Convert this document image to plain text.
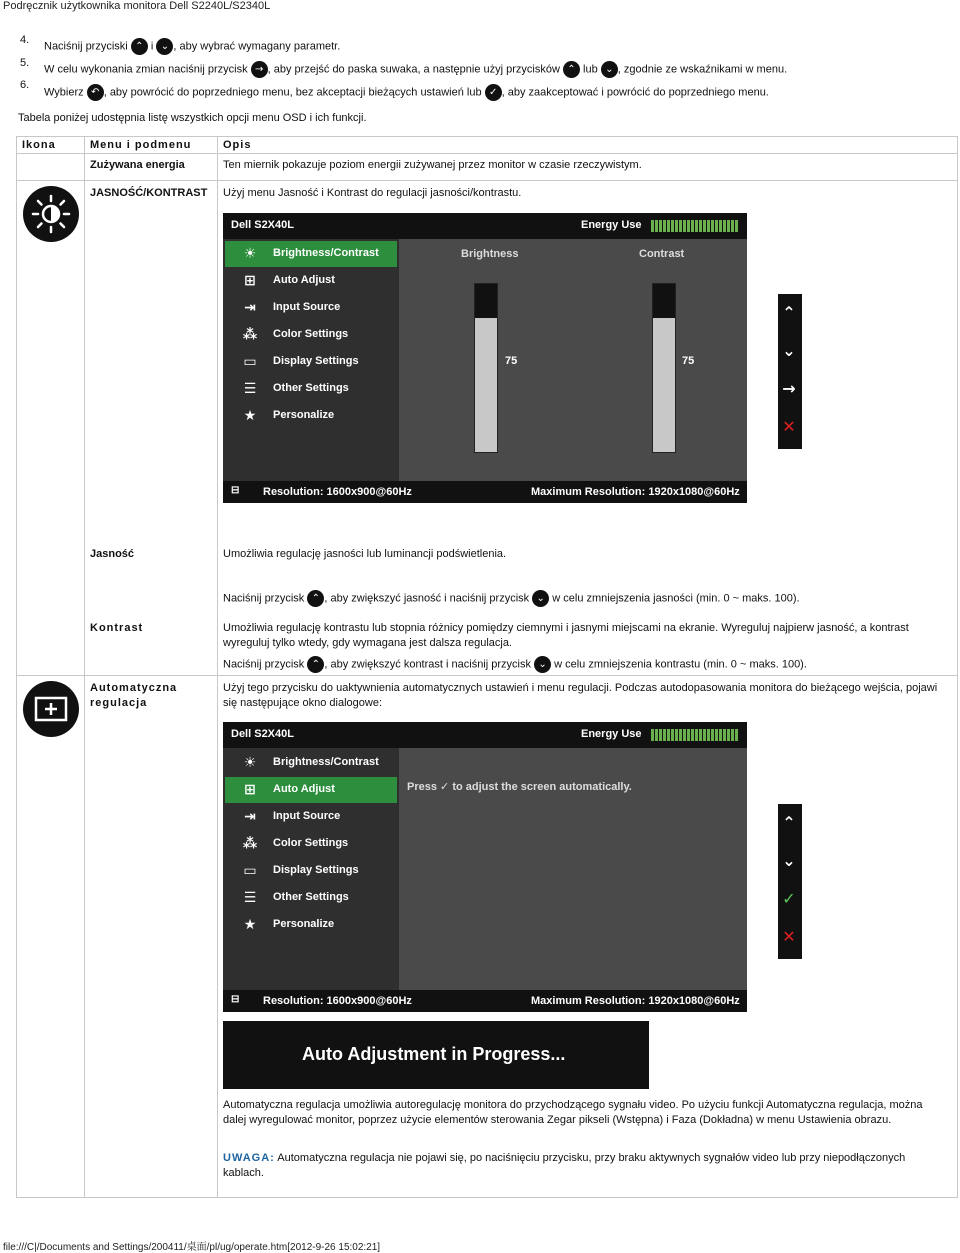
Podręcznik użytkownika monitora Dell S2240L/S2340L
4.
5.
6.
Naciśnij przyciski ⌃ i ⌄ , aby wybrać wymagany parametr.
W celu wykonania zmian naciśnij przycisk → , aby przejść do paska suwaka, a następnie użyj przycisków ⌃ lub ⌄ , zgodnie ze wskaźnikami w menu.
Wybierz ↶ , aby powrócić do poprzedniego menu, bez akceptacji bieżących ustawień lub ✓ , aby zaakceptować i powrócić do poprzedniego menu.
Tabela poniżej udostępnia listę wszystkich opcji menu OSD i ich funkcji.
Ikona	Menu i podmenu	Opis
Zużywana energia	Ten miernik pokazuje poziom energii zużywanej przez monitor w czasie rzeczywistym.
JASNOŚĆ/KONTRAST Użyj menu Jasność i Kontrast do regulacji jasności/kontrastu.
Dell S2X40L	Energy Use
☀ Brightness/Contrast
⊞ Auto Adjust
⇥ Input Source
⁂ Color Settings
▭ Display Settings
☰ Other Settings
★ Personalize
Brightness	Contrast
75	75
⊟ Resolution: 1600x900@60Hz	Maximum Resolution: 1920x1080@60Hz
⌃
⌄
→
✕
Jasność	Umożliwia regulację jasności lub luminancji podświetlenia.
Naciśnij przycisk ⌃ , aby zwiększyć jasność i naciśnij przycisk ⌄ w celu zmniejszenia jasności (min. 0 ~ maks. 100).
Kontrast	Umożliwia regulację kontrastu lub stopnia różnicy pomiędzy ciemnymi i jasnymi miejscami na ekranie. Wyreguluj najpierw jasność, a kontrast wyreguluj tylko wtedy, gdy wymagana jest dalsza regulacja.
Naciśnij przycisk ⌃ , aby zwiększyć kontrast i naciśnij przycisk ⌄ w celu zmniejszenia kontrastu (min. 0 ~ maks. 100).
Automatyczna regulacja
Użyj tego przycisku do uaktywnienia automatycznych ustawień i menu regulacji. Podczas autodopasowania monitora do bieżącego wejścia, pojawi się następujące okno dialogowe:
Dell S2X40L	Energy Use
☀ Brightness/Contrast
⊞ Auto Adjust
⇥ Input Source
⁂ Color Settings
▭ Display Settings
☰ Other Settings
★ Personalize
Press ✓ to adjust the screen automatically.
⊟ Resolution: 1600x900@60Hz	Maximum Resolution: 1920x1080@60Hz
⌃
⌄
✓
✕
Auto Adjustment in Progress...
Automatyczna regulacja umożliwia autoregulację monitora do przychodzącego sygnału video. Po użyciu funkcji Automatyczna regulacja, można dalej wyregulować monitor, poprzez użycie elementów sterowania Zegar pikseli (Wstępna) i Faza (Dokładna) w menu Ustawienia obrazu.
UWAGA: Automatyczna regulacja nie pojawi się, po naciśnięciu przycisku, przy braku aktywnych sygnałów video lub przy niepodłączonych kablach.
file:///C|/Documents and Settings/200411/桌面/pl/ug/operate.htm[2012-9-26 15:02:21]
